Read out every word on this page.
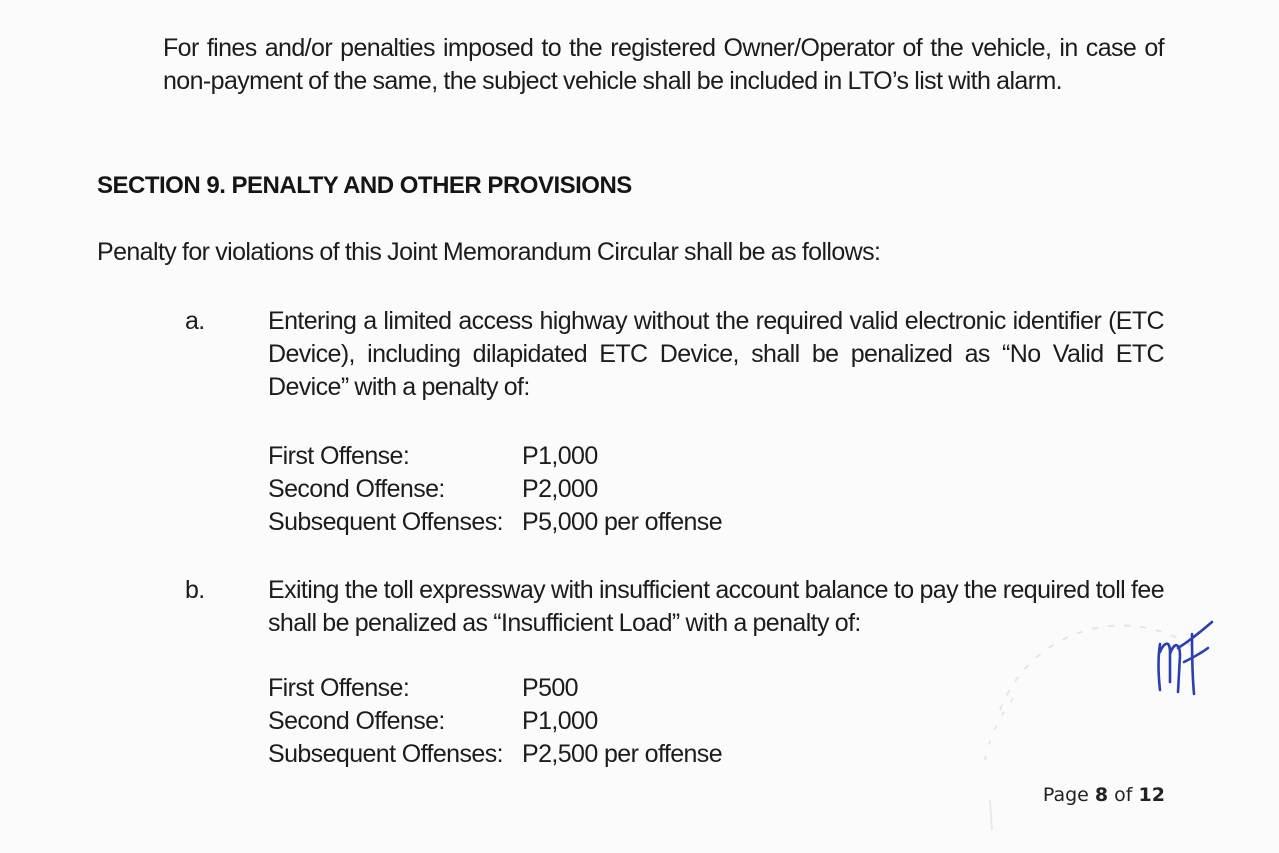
For fines and/or penalties imposed to the registered Owner/Operator of the vehicle, in case of non-payment of the same, the subject vehicle shall be included in LTO’s list with alarm.
SECTION 9. PENALTY AND OTHER PROVISIONS
Penalty for violations of this Joint Memorandum Circular shall be as follows:
a.	Entering a limited access highway without the required valid electronic identifier (ETC Device), including dilapidated ETC Device, shall be penalized as “No Valid ETC Device” with a penalty of:
First Offense:	P1,000
Second Offense:	P2,000
Subsequent Offenses: P5,000 per offense
b.	Exiting the toll expressway with insufficient account balance to pay the required toll fee shall be penalized as “Insufficient Load” with a penalty of:
First Offense:	P500
Second Offense:	P1,000
Subsequent Offenses: P2,500 per offense
Page 8 of 12
